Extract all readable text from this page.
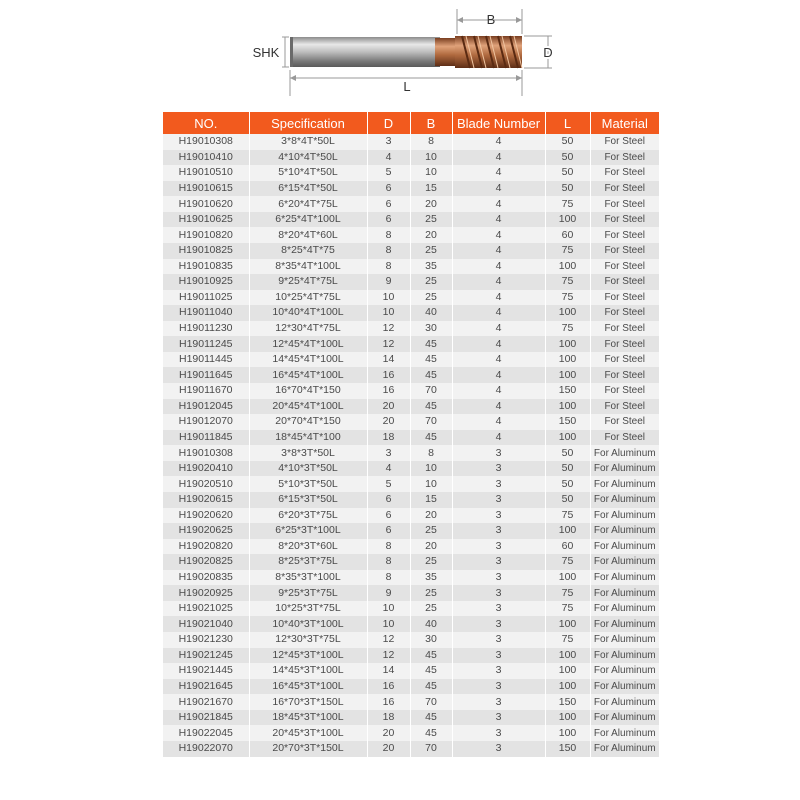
B
SHK	D
L
NO.	Specification	D	B	Blade Number	L	Material
H19010308	3*8*4T*50L	3	8	4	50	For Steel
H19010410	4*10*4T*50L	4	10	4	50	For Steel
H19010510	5*10*4T*50L	5	10	4	50	For Steel
H19010615	6*15*4T*50L	6	15	4	50	For Steel
H19010620	6*20*4T*75L	6	20	4	75	For Steel
H19010625	6*25*4T*100L	6	25	4	100	For Steel
H19010820	8*20*4T*60L	8	20	4	60	For Steel
H19010825	8*25*4T*75	8	25	4	75	For Steel
H19010835	8*35*4T*100L	8	35	4	100	For Steel
H19010925	9*25*4T*75L	9	25	4	75	For Steel
H19011025	10*25*4T*75L	10	25	4	75	For Steel
H19011040	10*40*4T*100L	10	40	4	100	For Steel
H19011230	12*30*4T*75L	12	30	4	75	For Steel
H19011245	12*45*4T*100L	12	45	4	100	For Steel
H19011445	14*45*4T*100L	14	45	4	100	For Steel
H19011645	16*45*4T*100L	16	45	4	100	For Steel
H19011670	16*70*4T*150	16	70	4	150	For Steel
H19012045	20*45*4T*100L	20	45	4	100	For Steel
H19012070	20*70*4T*150	20	70	4	150	For Steel
H19011845	18*45*4T*100	18	45	4	100	For Steel
H19010308	3*8*3T*50L	3	8	3	50	For Aluminum
H19020410	4*10*3T*50L	4	10	3	50	For Aluminum
H19020510	5*10*3T*50L	5	10	3	50	For Aluminum
H19020615	6*15*3T*50L	6	15	3	50	For Aluminum
H19020620	6*20*3T*75L	6	20	3	75	For Aluminum
H19020625	6*25*3T*100L	6	25	3	100	For Aluminum
H19020820	8*20*3T*60L	8	20	3	60	For Aluminum
H19020825	8*25*3T*75L	8	25	3	75	For Aluminum
H19020835	8*35*3T*100L	8	35	3	100	For Aluminum
H19020925	9*25*3T*75L	9	25	3	75	For Aluminum
H19021025	10*25*3T*75L	10	25	3	75	For Aluminum
H19021040	10*40*3T*100L	10	40	3	100	For Aluminum
H19021230	12*30*3T*75L	12	30	3	75	For Aluminum
H19021245	12*45*3T*100L	12	45	3	100	For Aluminum
H19021445	14*45*3T*100L	14	45	3	100	For Aluminum
H19021645	16*45*3T*100L	16	45	3	100	For Aluminum
H19021670	16*70*3T*150L	16	70	3	150	For Aluminum
H19021845	18*45*3T*100L	18	45	3	100	For Aluminum
H19022045	20*45*3T*100L	20	45	3	100	For Aluminum
H19022070	20*70*3T*150L	20	70	3	150	For Aluminum
